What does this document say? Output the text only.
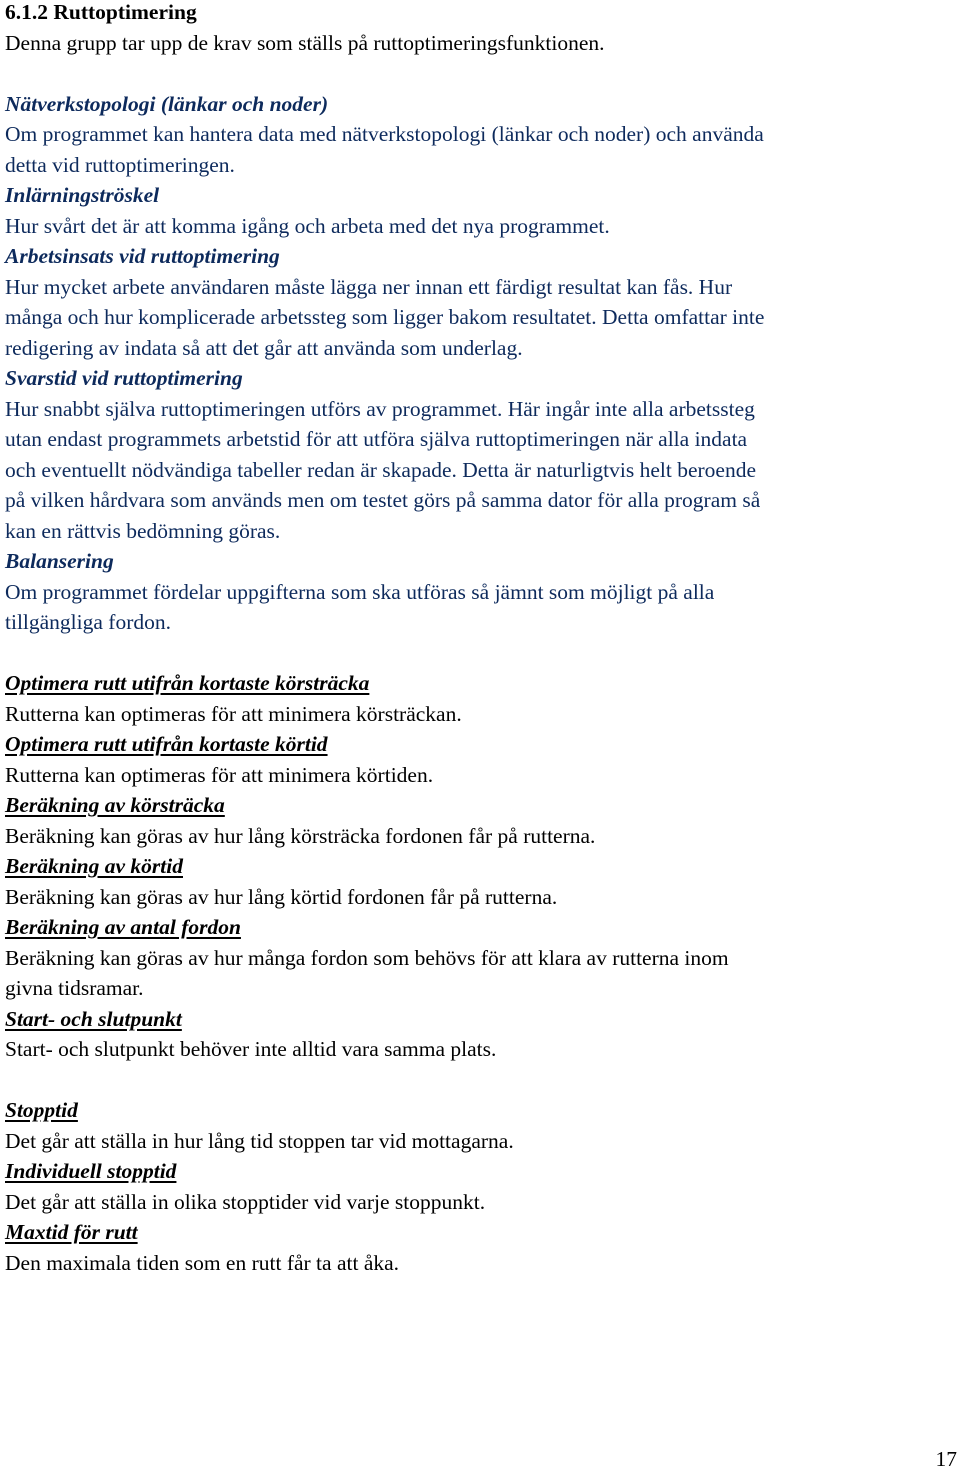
6.1.2 Ruttoptimering
Denna grupp tar upp de krav som ställs på ruttoptimeringsfunktionen.
Nätverkstopologi (länkar och noder)
Om programmet kan hantera data med nätverkstopologi (länkar och noder) och använda
detta vid ruttoptimeringen.
Inlärningströskel
Hur svårt det är att komma igång och arbeta med det nya programmet.
Arbetsinsats vid ruttoptimering
Hur mycket arbete användaren måste lägga ner innan ett färdigt resultat kan fås. Hur
många och hur komplicerade arbetssteg som ligger bakom resultatet. Detta omfattar inte
redigering av indata så att det går att använda som underlag.
Svarstid vid ruttoptimering
Hur snabbt själva ruttoptimeringen utförs av programmet. Här ingår inte alla arbetssteg
utan endast programmets arbetstid för att utföra själva ruttoptimeringen när alla indata
och eventuellt nödvändiga tabeller redan är skapade. Detta är naturligtvis helt beroende
på vilken hårdvara som används men om testet görs på samma dator för alla program så
kan en rättvis bedömning göras.
Balansering
Om programmet fördelar uppgifterna som ska utföras så jämnt som möjligt på alla
tillgängliga fordon.
Optimera rutt utifrån kortaste körsträcka
Rutterna kan optimeras för att minimera körsträckan.
Optimera rutt utifrån kortaste körtid
Rutterna kan optimeras för att minimera körtiden.
Beräkning av körsträcka
Beräkning kan göras av hur lång körsträcka fordonen får på rutterna.
Beräkning av körtid
Beräkning kan göras av hur lång körtid fordonen får på rutterna.
Beräkning av antal fordon
Beräkning kan göras av hur många fordon som behövs för att klara av rutterna inom
givna tidsramar.
Start- och slutpunkt
Start- och slutpunkt behöver inte alltid vara samma plats.
Stopptid
Det går att ställa in hur lång tid stoppen tar vid mottagarna.
Individuell stopptid
Det går att ställa in olika stopptider vid varje stoppunkt.
Maxtid för rutt
Den maximala tiden som en rutt får ta att åka.
17
